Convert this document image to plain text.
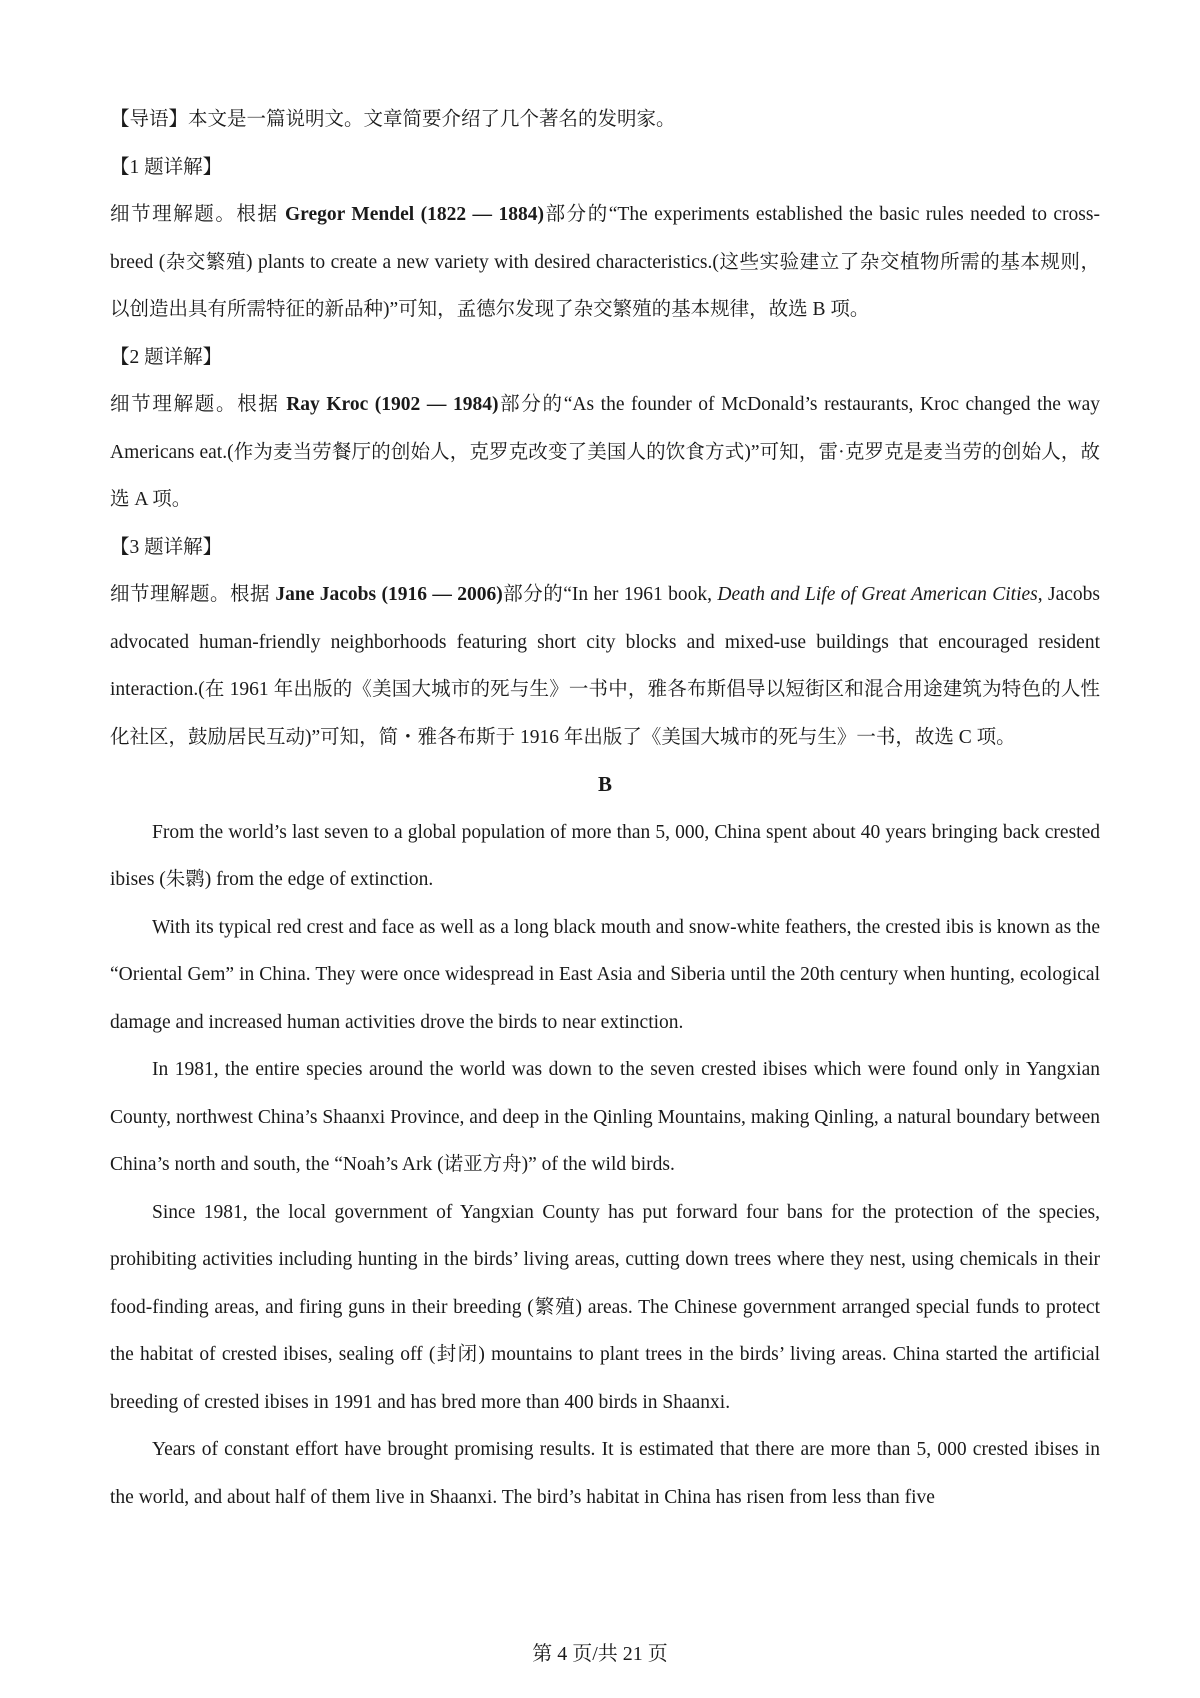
【导语】本文是一篇说明文。文章简要介绍了几个著名的发明家。

【1 题详解】

细节理解题。根据 Gregor Mendel (1822 — 1884)部分的“The experiments established the basic rules needed to cross-breed (杂交繁殖) plants to create a new variety with desired characteristics.(这些实验建立了杂交植物所需的基本规则，以创造出具有所需特征的新品种)”可知，孟德尔发现了杂交繁殖的基本规律，故选 B 项。

【2 题详解】

细节理解题。根据 Ray Kroc (1902 — 1984)部分的“As the founder of McDonald’s restaurants, Kroc changed the way Americans eat.(作为麦当劳餐厅的创始人，克罗克改变了美国人的饮食方式)”可知，雷·克罗克是麦当劳的创始人，故选 A 项。

【3 题详解】

细节理解题。根据 Jane Jacobs (1916 — 2006)部分的“In her 1961 book, Death and Life of Great American Cities, Jacobs advocated human-friendly neighborhoods featuring short city blocks and mixed-use buildings that encouraged resident interaction.(在 1961 年出版的《美国大城市的死与生》一书中，雅各布斯倡导以短街区和混合用途建筑为特色的人性化社区，鼓励居民互动)”可知，简・雅各布斯于 1916 年出版了《美国大城市的死与生》一书，故选 C 项。

B

From the world’s last seven to a global population of more than 5, 000, China spent about 40 years bringing back crested ibises (朱鹮) from the edge of extinction.

With its typical red crest and face as well as a long black mouth and snow-white feathers, the crested ibis is known as the “Oriental Gem” in China. They were once widespread in East Asia and Siberia until the 20th century when hunting, ecological damage and increased human activities drove the birds to near extinction.

In 1981, the entire species around the world was down to the seven crested ibises which were found only in Yangxian County, northwest China’s Shaanxi Province, and deep in the Qinling Mountains, making Qinling, a natural boundary between China’s north and south, the “Noah’s Ark (诺亚方舟)” of the wild birds.

Since 1981, the local government of Yangxian County has put forward four bans for the protection of the species, prohibiting activities including hunting in the birds’ living areas, cutting down trees where they nest, using chemicals in their food-finding areas, and firing guns in their breeding (繁殖) areas. The Chinese government arranged special funds to protect the habitat of crested ibises, sealing off (封闭) mountains to plant trees in the birds’ living areas. China started the artificial breeding of crested ibises in 1991 and has bred more than 400 birds in Shaanxi.

Years of constant effort have brought promising results. It is estimated that there are more than 5, 000 crested ibises in the world, and about half of them live in Shaanxi. The bird’s habitat in China has risen from less than five

第 4 页/共 21 页
